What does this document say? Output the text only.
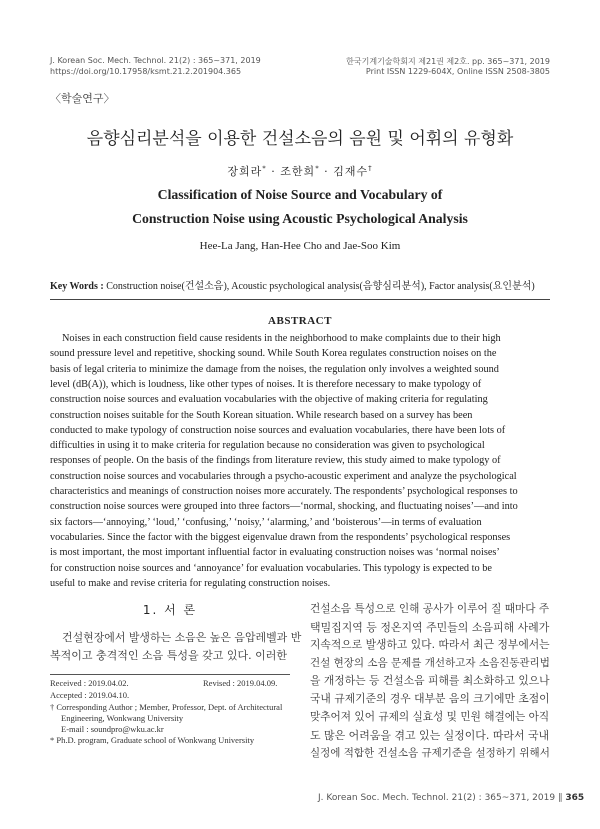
J. Korean Soc. Mech. Technol. 21(2) : 365~371, 2019
https://doi.org/10.17958/ksmt.21.2.201904.365
한국기계기술학회지 제21권 제2호. pp. 365~371, 2019
Print ISSN 1229-604X, Online ISSN 2508-3805
〈학술연구〉
음향심리분석을 이용한 건설소음의 음원 및 어휘의 유형화
장희라* · 조한희* · 김재수†
Classification of Noise Source and Vocabulary of
Construction Noise using Acoustic Psychological Analysis
Hee-La Jang, Han-Hee Cho and Jae-Soo Kim
Key Words : Construction noise(건설소음), Acoustic psychological analysis(음향심리분석), Factor analysis(요인분석)
ABSTRACT
Noises in each construction field cause residents in the neighborhood to make complaints due to their high
sound pressure level and repetitive, shocking sound. While South Korea regulates construction noises on the
basis of legal criteria to minimize the damage from the noises, the regulation only involves a weighted sound
level (dB(A)), which is loudness, like other types of noises. It is therefore necessary to make typology of
construction noise sources and evaluation vocabularies with the objective of making criteria for regulating
construction noises suitable for the South Korean situation. While research based on a survey has been
conducted to make typology of construction noise sources and evaluation vocabularies, there have been lots of
difficulties in using it to make criteria for regulation because no consideration was given to psychological
responses of people. On the basis of the findings from literature review, this study aimed to make typology of
construction noise sources and vocabularies through a psycho-acoustic experiment and analyze the psychological
characteristics and meanings of construction noises more accurately. The respondents’ psychological responses to
construction noise sources were grouped into three factors—‘normal, shocking, and fluctuating noises’—and into
six factors—‘annoying,’ ‘loud,’ ‘confusing,’ ‘noisy,’ ‘alarming,’ and ‘boisterous’—in terms of evaluation
vocabularies. Since the factor with the biggest eigenvalue drawn from the respondents’ psychological responses
is most important, the most important influential factor in evaluating construction noises was ‘normal noises’
for construction noise sources and ‘annoyance’ for evaluation vocabularies. This typology is expected to be
useful to make and revise criteria for regulating construction noises.
1. 서 론
건설현장에서 발생하는 소음은 높은 음압레벨과 반
복적이고 충격적인 소음 특성을 갖고 있다. 이러한
Received : 2019.04.02.	Revised : 2019.04.09.
Accepted : 2019.04.10.
† Corresponding Author ; Member, Professor, Dept. of Architectural
Engineering, Wonkwang University
E-mail : soundpro@wku.ac.kr
* Ph.D. program, Graduate school of Wonkwang University
건설소음 특성으로 인해 공사가 이루어 질 때마다 주
택밀집지역 등 정온지역 주민들의 소음피해 사례가
지속적으로 발생하고 있다. 따라서 최근 정부에서는
건설 현장의 소음 문제를 개선하고자 소음진동관리법
을 개정하는 등 건설소음 피해를 최소화하고 있으나
국내 규제기준의 경우 대부분 음의 크기에만 초점이
맞추어져 있어 규제의 실효성 및 민원 해결에는 아직
도 많은 어려움을 겪고 있는 실정이다. 따라서 국내
실정에 적합한 건설소음 규제기준을 설정하기 위해서
J. Korean Soc. Mech. Technol. 21(2) : 365~371, 2019 ∥ 365
